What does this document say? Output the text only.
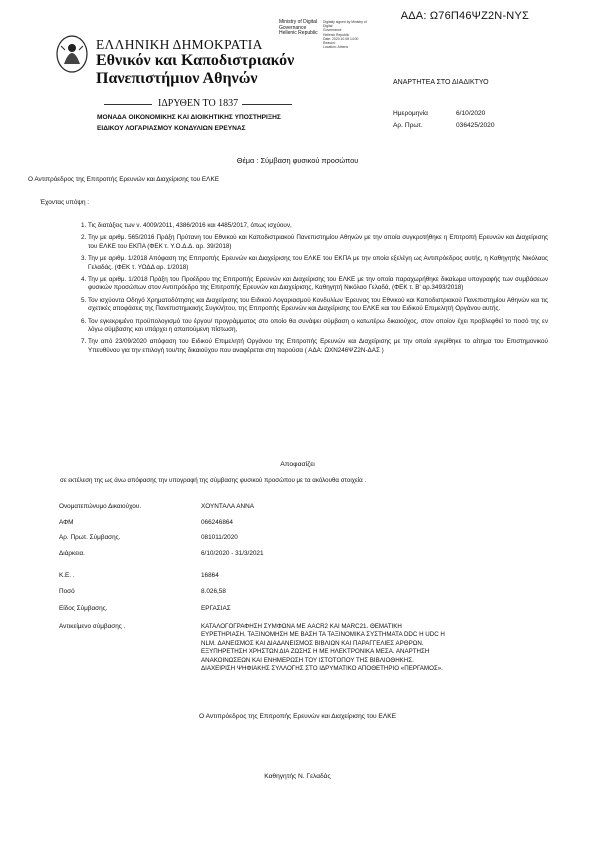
ΑΔΑ: Ω76Π46ΨΖ2Ν-ΝΥΣ
Ministry of Digital
Governance
Hellenic Republic
Digitally signed by Ministry of Digital
Governance
Hellenic Republic
Date: 2020.10.08 14:00
Reason:
Location: Athens
ΕΛΛΗΝΙΚΗ ΔΗΜΟΚΡΑΤΙΑ
Εθνικόν και Καποδιστριακόν
Πανεπιστήμιον Αθηνών
ΙΔΡΥΘΕΝ ΤΟ 1837
ΜΟΝΑΔΑ ΟΙΚΟΝΟΜΙΚΗΣ ΚΑΙ ΔΙΟΙΚΗΤΙΚΗΣ ΥΠΟΣΤΗΡΙΞΗΣ
ΕΙΔΙΚΟΥ ΛΟΓΑΡΙΑΣΜΟΥ ΚΟΝΔΥΛΙΩΝ ΕΡΕΥΝΑΣ
ΑΝΑΡΤΗΤΕΑ ΣΤΟ ΔΙΑΔΙΚΤΥΟ
Ημερομηνία	6/10/2020
Αρ. Πρωτ.	036425/2020
Θέμα : Σύμβαση φυσικού προσώπου
Ο Αντιπρόεδρος της Επιτροπής Ερευνών και Διαχείρισης του ΕΛΚΕ
Έχοντας υπόψη :
1. Τις διατάξεις των ν. 4009/2011, 4386/2016 και 4485/2017, όπως ισχύουν,
2. Την με αριθμ. 565/2016 Πράξη Πρύτανη του Εθνικού και Καποδιστριακού Πανεπιστημίου Αθηνών με την οποία συγκροτήθηκε η Επιτροπή Ερευνών και Διαχείρισης του ΕΛΚΕ του ΕΚΠΑ (ΦΕΚ τ. Υ.Ο.Δ.Δ. αρ. 39/2018)
3. Την με αριθμ. 1/2018 Απόφαση της Επιτροπής Ερευνών και Διαχείρισης του ΕΛΚΕ του ΕΚΠΑ με την οποία εξελέγη ως Αντιπρόεδρος αυτής, η Καθηγητής Νικόλαος Γελαδάς. (ΦΕΚ τ. ΥΟΔΔ αρ. 1/2018)
4. Την με αριθμ. 1/2018 Πράξη του Προέδρου της Επιτροπής Ερευνών και Διαχείρισης του ΕΛΚΕ με την οποία παραχωρήθηκε δικαίωμα υπογραφής των συμβάσεων φυσικών προσώπων στον Αντιπρόεδρο της Επιτροπής Ερευνών και Διαχείρισης, Καθηγητή Νικόλαο Γελαδά, (ΦΕΚ τ. Β' αρ.3493/2018)
5. Τον ισχύοντα Οδηγό Χρηματοδότησης και Διαχείρισης του Ειδικού Λογαριασμού Κονδυλίων Έρευνας του Εθνικού και Καποδιστριακού Πανεπιστημίου Αθηνών και τις σχετικές αποφάσεις της Πανεπιστημιακής Συγκλήτου, της Επιτροπής Ερευνών και Διαχείρισης του ΕΛΚΕ και του Ειδικού Επιμελητή Οργάνου αυτής.
6. Τον εγκεκριμένο προϋπολογισμό του έργου/ προγράμματος στο οποίο θα συνάψει σύμβαση ο κατωτέρω δικαιούχος, στον οποίον έχει προβλεφθεί το ποσό της εν λόγω σύμβασης και υπάρχει η απαιτούμενη πίστωση,
7. Την από 23/09/2020 απόφαση του Ειδικού Επιμελητή Οργάνου της Επιτροπής Ερευνών και Διαχείρισης με την οποία εγκρίθηκε το αίτημα του Επιστημονικού Υπευθύνου για την επιλογή του/της δικαιούχου που αναφέρεται στη παρούσα ( ΑΔΑ: ΩΧΝ246ΨΖ2Ν-ΔΑΣ )
Αποφασίζει
σε εκτέλεση της ως άνω απόφασης την υπογραφή της σύμβασης φυσικού προσώπου με τα ακόλουθα στοιχεία .
Ονοματεπώνυμο Δικαιούχου.	ΧΟΥΝΤΑΛΑ ΑΝΝΑ
ΑΦΜ	066246864
Αρ. Πρωτ. Σύμβασης.	081011/2020
Διάρκεια.	6/10/2020 - 31/3/2021
Κ.Ε. .	16864
Ποσό	8.026,58
Είδος Σύμβασης.	ΕΡΓΑΣΙΑΣ
Αντικείμενο σύμβασης .	ΚΑΤΑΛΟΓΟΓΡΑΦΗΣΗ ΣΥΜΦΩΝΑ ΜΕ AACR2 ΚΑΙ MARC21. ΘΕΜΑΤΙΚΗ ΕΥΡΕΤΗΡΙΑΣΗ. ΤΑΞΙΝΟΜΗΣΗ ΜΕ ΒΑΣΗ ΤΑ ΤΑΞΙΝΟΜΙΚΑ ΣΥΣΤΗΜΑΤΑ DDC Η UDC Η NLM. ΔΑΝΕΙΣΜΟΣ ΚΑΙ ΔΙΑΔΑΝΕΙΣΜΟΣ ΒΙΒΛΙΩΝ ΚΑΙ ΠΑΡΑΓΓΕΛΙΕΣ ΑΡΘΡΩΝ. ΕΞΥΠΗΡΕΤΗΣΗ ΧΡΗΣΤΩΝ ΔΙΑ ΖΩΣΗΣ Η ΜΕ ΗΛΕΚΤΡΟΝΙΚΑ ΜΕΣΑ. ΑΝΑΡΤΗΣΗ ΑΝΑΚΟΙΝΩΣΕΩΝ ΚΑΙ ΕΝΗΜΕΡΩΣΗ ΤΟΥ ΙΣΤΟΤΟΠΟΥ ΤΗΣ ΒΙΒΛΙΟΘΗΚΗΣ. ΔΙΑΧΕΙΡΙΣΗ ΨΗΦΙΑΚΗΣ ΣΥΛΛΟΓΗΣ ΣΤΟ ΙΔΡΥΜΑΤΙΚΟ ΑΠΟΘΕΤΗΡΙΟ «ΠΕΡΓΑΜΟΣ».
Ο Αντιπρόεδρος της Επιτροπής Ερευνών και Διαχείρισης του ΕΛΚΕ
Καθηγητής Ν. Γελαδάς
